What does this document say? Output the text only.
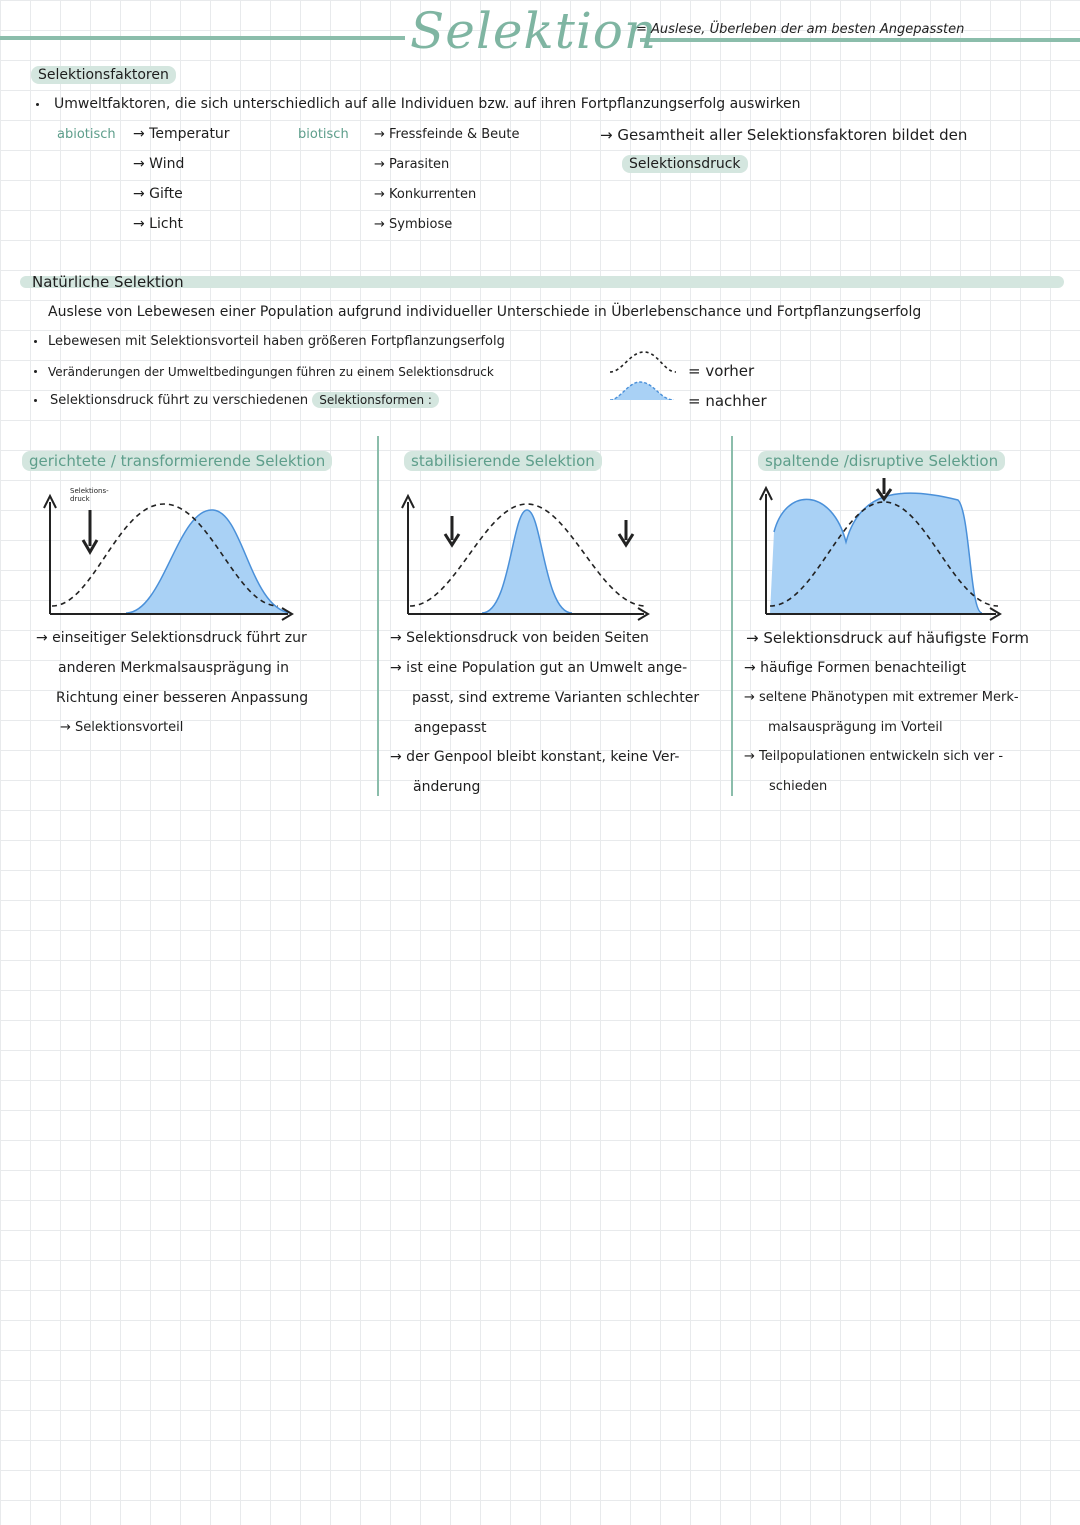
Selektion
= Auslese, Überleben der am besten Angepassten
Selektionsfaktoren
Umweltfaktoren, die sich unterschiedlich auf alle Individuen bzw. auf ihren Fortpflanzungserfolg auswirken
abiotisch → Temperatur
→ Wind
→ Gifte
→ Licht
biotisch → Fressfeinde & Beute
→ Parasiten
→ Konkurrenten
→ Symbiose
→ Gesamtheit aller Selektionsfaktoren bildet den
Selektionsdruck
Natürliche Selektion
Auslese von Lebewesen einer Population aufgrund individueller Unterschiede in Überlebenschance und Fortpflanzungserfolg
Lebewesen mit Selektionsvorteil haben größeren Fortpflanzungserfolg
Veränderungen der Umweltbedingungen führen zu einem Selektionsdruck
Selektionsdruck führt zu verschiedenen Selektionsformen :
= vorher
= nachher
gerichtete / transformierende Selektion
Selektions-
druck
→ einseitiger Selektionsdruck führt zur
anderen Merkmalsausprägung in
Richtung einer besseren Anpassung
→ Selektionsvorteil
stabilisierende Selektion
→ Selektionsdruck von beiden Seiten
→ ist eine Population gut an Umwelt ange-
passt, sind extreme Varianten schlechter
angepasst
→ der Genpool bleibt konstant, keine Ver-
änderung
spaltende /disruptive Selektion
→ Selektionsdruck auf häufigste Form
→ häufige Formen benachteiligt
→ seltene Phänotypen mit extremer Merk-
malsausprägung im Vorteil
→ Teilpopulationen entwickeln sich ver -
schieden
